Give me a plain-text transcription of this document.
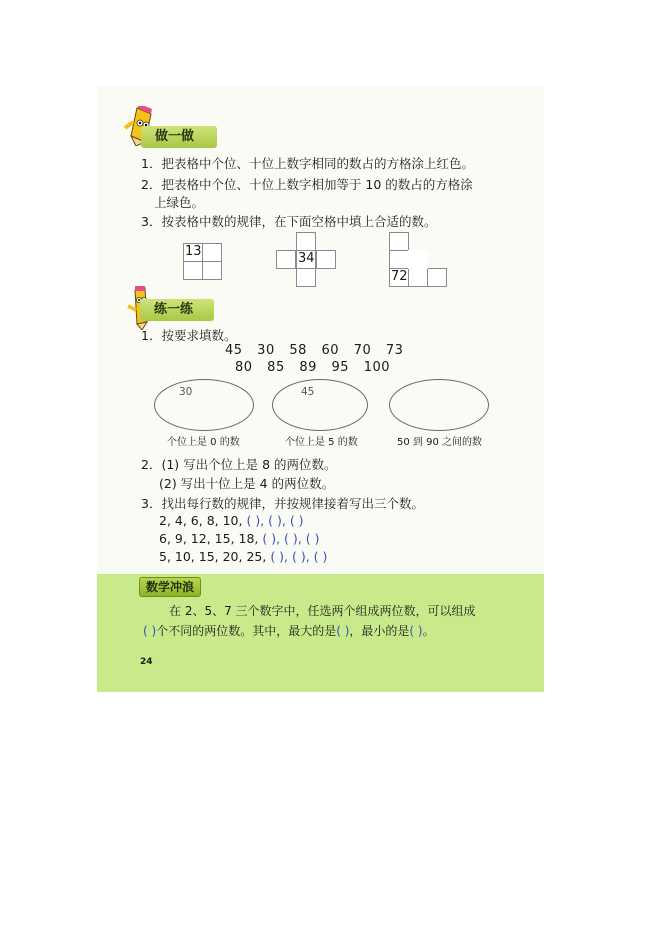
做一做
1．把表格中个位、十位上数字相同的数占的方格涂上红色。
2．把表格中个位、十位上数字相加等于 10 的数占的方格涂
上绿色。
3．按表格中数的规律，在下面空格中填上合适的数。
13	34
72
练一练
1．按要求填数。
45 30 58 60 70 73
80 85 89 95 100
30
个位上是 0 的数
45
个位上是 5 的数	50 到 90 之间的数
2．(1) 写出个位上是 8 的两位数。
(2) 写出十位上是 4 的两位数。
3．找出每行数的规律，并按规律接着写出三个数。
2, 4, 6, 8, 10, ( ), ( ), ( )
6, 9, 12, 15, 18, ( ), ( ), ( )
5, 10, 15, 20, 25, ( ), ( ), ( )
数学冲浪
在 2、5、7 三个数字中，任选两个组成两位数，可以组成
( )个不同的两位数。其中，最大的是( )，最小的是( )。
24
